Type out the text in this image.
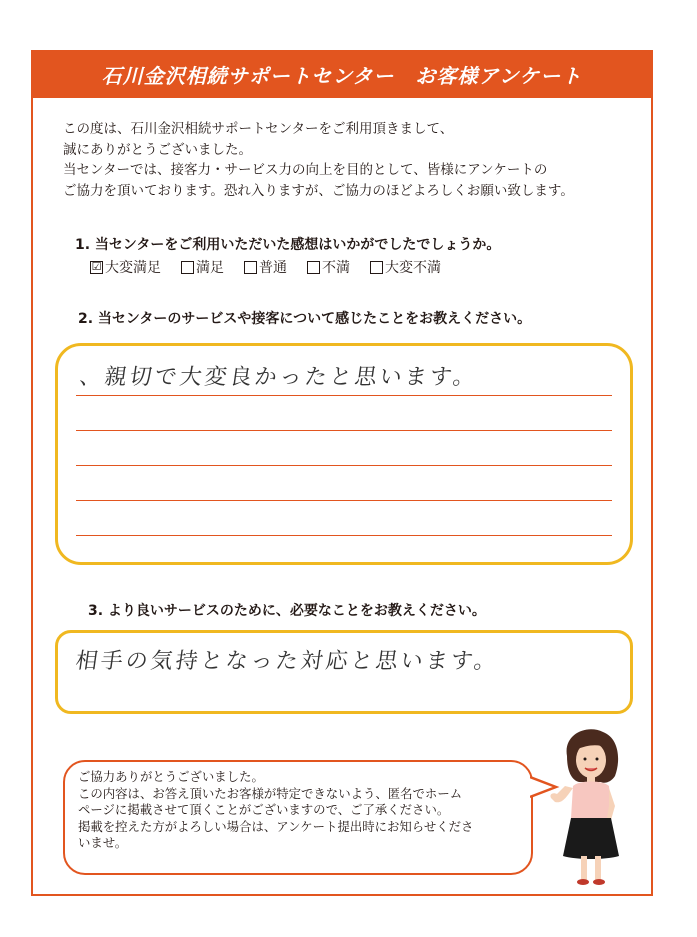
石川金沢相続サポートセンター　お客様アンケート

この度は、石川金沢相続サポートセンターをご利用頂きまして、

誠にありがとうございました。

当センターでは、接客力・サービス力の向上を目的として、皆様にアンケートの

ご協力を頂いております。恐れ入りますが、ご協力のほどよろしくお願い致します。

1. 当センターをご利用いただいた感想はいかがでしたでしょうか。
☑ 大変満足	満足	普通	不満	大変不満
2. 当センターのサービスや接客について感じたことをお教えください。
、親切で大変良かったと思います。
3. より良いサービスのために、必要なことをお教えください。
相手の気持となった対応と思います。

ご協力ありがとうございました。

この内容は、お答え頂いたお客様が特定できないよう、匿名でホーム

ページに掲載させて頂くことがございますので、ご了承ください。

掲載を控えた方がよろしい場合は、アンケート提出時にお知らせくださ

いませ。
